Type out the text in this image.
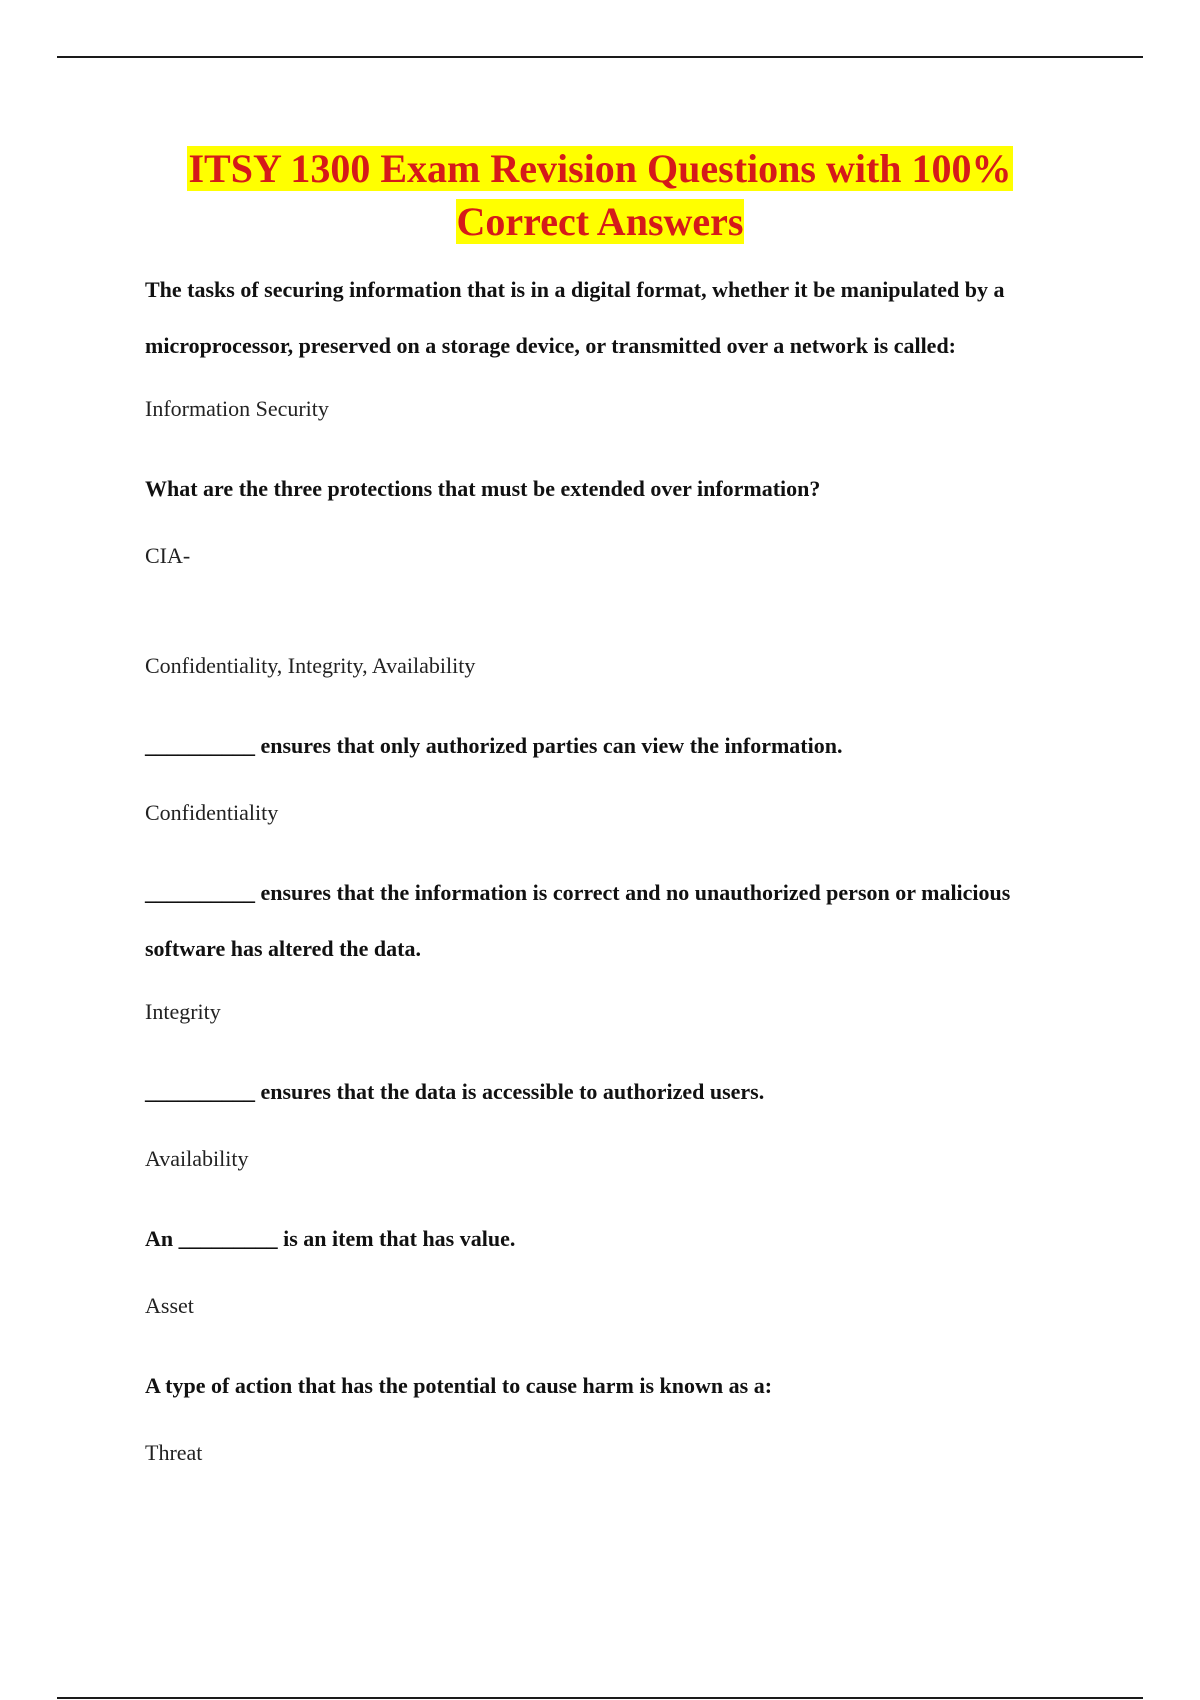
ITSY 1300 Exam Revision Questions with 100%
Correct Answers

The tasks of securing information that is in a digital format, whether it be manipulated by a microprocessor, preserved on a storage device, or transmitted over a network is called:

Information Security

What are the three protections that must be extended over information?

CIA-

Confidentiality, Integrity, Availability

__________ ensures that only authorized parties can view the information.

Confidentiality

__________ ensures that the information is correct and no unauthorized person or malicious software has altered the data.

Integrity

__________ ensures that the data is accessible to authorized users.

Availability

An _________ is an item that has value.

Asset

A type of action that has the potential to cause harm is known as a:

Threat
